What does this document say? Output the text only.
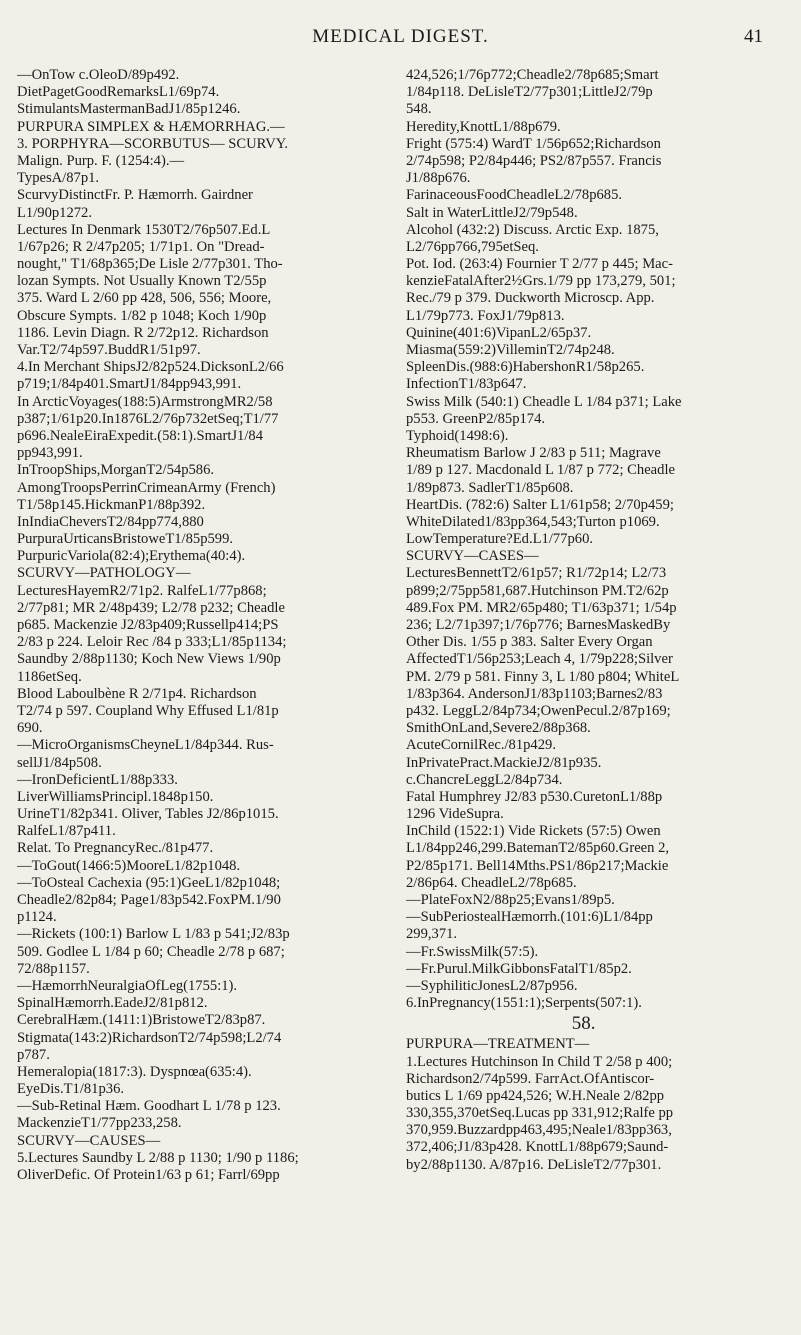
MEDICAL DIGEST.	41
—OnTow c.OleoD/89p492.
DietPagetGoodRemarksL1/69p74.
StimulantsMastermanBadJ1/85p1246.
PURPURA SIMPLEX & HÆMORRHAG.—
3. PORPHYRA—SCORBUTUS— SCURVY.
Malign. Purp. F. (1254:4).—
TypesA/87p1.
ScurvyDistinctFr. P. Hæmorrh. Gairdner
L1/90p1272.
Lectures In Denmark 1530T2/76p507.Ed.L
1/67p26; R 2/47p205; 1/71p1. On "Dread-
nought," T1/68p365;De Lisle 2/77p301. Tho-
lozan Sympts. Not Usually Known T2/55p
375. Ward L 2/60 pp 428, 506, 556; Moore,
Obscure Sympts. 1/82 p 1048; Koch 1/90p
1186. Levin Diagn. R 2/72p12. Richardson
Var.T2/74p597.BuddR1/51p97.
4.In Merchant ShipsJ2/82p524.DicksonL2/66
p719;1/84p401.SmartJ1/84pp943,991.
In ArcticVoyages(188:5)ArmstrongMR2/58
p387;1/61p20.In1876L2/76p732etSeq;T1/77
p696.NealeEiraExpedit.(58:1).SmartJ1/84
pp943,991.
InTroopShips,MorganT2/54p586.
AmongTroopsPerrinCrimeanArmy (French)
T1/58p145.HickmanP1/88p392.
InIndiaCheversT2/84pp774,880
PurpuraUrticansBristoweT1/85p599.
PurpuricVariola(82:4);Erythema(40:4).
SCURVY—PATHOLOGY—
LecturesHayemR2/71p2. RalfeL1/77p868;
2/77p81; MR 2/48p439; L2/78 p232; Cheadle
p685. Mackenzie J2/83p409;Russellp414;PS
2/83 p 224. Leloir Rec /84 p 333;L1/85p1134;
Saundby 2/88p1130; Koch New Views 1/90p
1186etSeq.
Blood Laboulbène R 2/71p4. Richardson
T2/74 p 597. Coupland Why Effused L1/81p
690.
—MicroOrganismsCheyneL1/84p344. Rus-
sellJ1/84p508.
—IronDeficientL1/88p333.
LiverWilliamsPrincipl.1848p150.
UrineT1/82p341. Oliver, Tables J2/86p1015.
RalfeL1/87p411.
Relat. To PregnancyRec./81p477.
—ToGout(1466:5)MooreL1/82p1048.
—ToOsteal Cachexia (95:1)GeeL1/82p1048;
Cheadle2/82p84; Page1/83p542.FoxPM.1/90
p1124.
—Rickets (100:1) Barlow L 1/83 p 541;J2/83p
509. Godlee L 1/84 p 60; Cheadle 2/78 p 687;
72/88p1157.
—HæmorrhNeuralgiaOfLeg(1755:1).
SpinalHæmorrh.EadeJ2/81p812.
CerebralHæm.(1411:1)BristoweT2/83p87.
Stigmata(143:2)RichardsonT2/74p598;L2/74
p787.
Hemeralopia(1817:3). Dyspnœa(635:4).
EyeDis.T1/81p36.
—Sub-Retinal Hæm. Goodhart L 1/78 p 123.
MackenzieT1/77pp233,258.
SCURVY—CAUSES—
5.Lectures Saundby L 2/88 p 1130; 1/90 p 1186;
OliverDefic. Of Protein1/63 p 61; Farrl/69pp
424,526;1/76p772;Cheadle2/78p685;Smart
1/84p118. DeLisleT2/77p301;LittleJ2/79p
548.
Heredity,KnottL1/88p679.
Fright (575:4) WardT 1/56p652;Richardson
2/74p598; P2/84p446; PS2/87p557. Francis
J1/88p676.
FarinaceousFoodCheadleL2/78p685.
Salt in WaterLittleJ2/79p548.
Alcohol (432:2) Discuss. Arctic Exp. 1875,
L2/76pp766,795etSeq.
Pot. Iod. (263:4) Fournier T 2/77 p 445; Mac-
kenzieFatalAfter2½Grs.1/79 pp 173,279, 501;
Rec./79 p 379. Duckworth Microscp. App.
L1/79p773. FoxJ1/79p813.
Quinine(401:6)VipanL2/65p37.
Miasma(559:2)VilleminT2/74p248.
SpleenDis.(988:6)HabershonR1/58p265.
InfectionT1/83p647.
Swiss Milk (540:1) Cheadle L 1/84 p371; Lake
p553. GreenP2/85p174.
Typhoid(1498:6).
Rheumatism Barlow J 2/83 p 511; Magrave
1/89 p 127. Macdonald L 1/87 p 772; Cheadle
1/89p873. SadlerT1/85p608.
HeartDis. (782:6) Salter L1/61p58; 2/70p459;
WhiteDilated1/83pp364,543;Turton p1069.
LowTemperature?Ed.L1/77p60.
SCURVY—CASES—
LecturesBennettT2/61p57; R1/72p14; L2/73
p899;2/75pp581,687.Hutchinson PM.T2/62p
489.Fox PM. MR2/65p480; T1/63p371; 1/54p
236; L2/71p397;1/76p776; BarnesMaskedBy
Other Dis. 1/55 p 383. Salter Every Organ
AffectedT1/56p253;Leach 4, 1/79p228;Silver
PM. 2/79 p 581. Finny 3, L 1/80 p804; WhiteL
1/83p364. AndersonJ1/83p1103;Barnes2/83
p432. LeggL2/84p734;OwenPecul.2/87p169;
SmithOnLand,Severe2/88p368.
AcuteCornilRec./81p429.
InPrivatePract.MackieJ2/81p935.
c.ChancreLeggL2/84p734.
Fatal Humphrey J2/83 p530.CuretonL1/88p
1296 VideSupra.
InChild (1522:1) Vide Rickets (57:5) Owen
L1/84pp246,299.BatemanT2/85p60.Green 2,
P2/85p171. Bell14Mths.PS1/86p217;Mackie
2/86p64. CheadleL2/78p685.
—PlateFoxN2/88p25;Evans1/89p5.
—SubPeriostealHæmorrh.(101:6)L1/84pp
299,371.
—Fr.SwissMilk(57:5).
—Fr.Purul.MilkGibbonsFatalT1/85p2.
—SyphiliticJonesL2/87p956.
6.InPregnancy(1551:1);Serpents(507:1).
58.
PURPURA—TREATMENT—
1.Lectures Hutchinson In Child T 2/58 p 400;
Richardson2/74p599. FarrAct.OfAntiscor-
butics L 1/69 pp424,526; W.H.Neale 2/82pp
330,355,370etSeq.Lucas pp 331,912;Ralfe pp
370,959.Buzzardpp463,495;Neale1/83pp363,
372,406;J1/83p428. KnottL1/88p679;Saund-
by2/88p1130. A/87p16. DeLisleT2/77p301.
